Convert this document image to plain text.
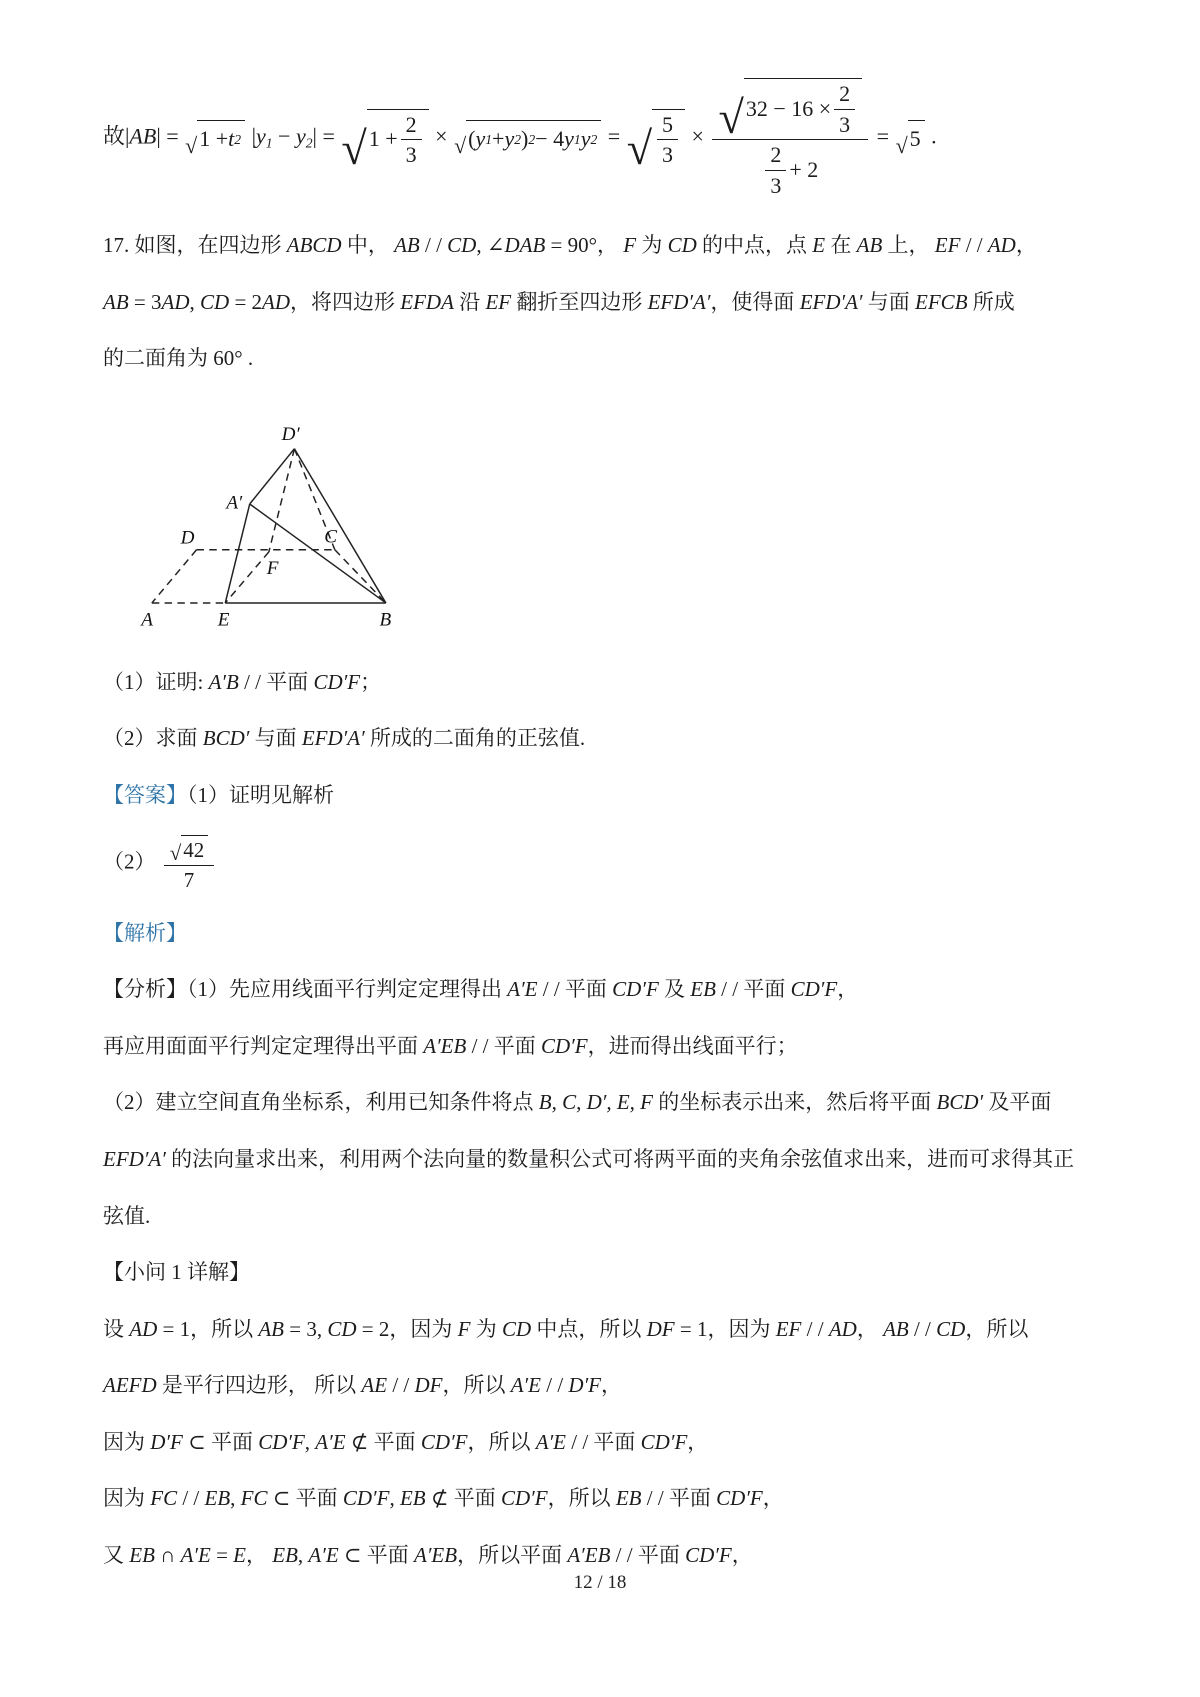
故|AB| = √ 1 + t 2 $|y_1 - y_2|$ = √ $1 + \frac{2}{3}$ × √ ( y 1 + y 2 ) 2 − 4 y 1 y 2 = √ $\frac{5}{3} \times \frac{√ 32 - 16 \times \frac{2}{3}}{\frac{2}{3} + 2}$ = √ 5 .
17. 如图，在四边形 ABCD 中， AB / / CD, ∠DAB = 90°， F 为 CD 的中点，点 E 在 AB 上， EF / / AD，
AB = 3AD, CD = 2AD，将四边形 EFDA 沿 EF 翻折至四边形 EFD′A′，使得面 EFD′A′ 与面 EFCB 所成
的二面角为 60° .
D′
A′
D	C
F
A	E	B
（1）证明: A′B / / 平面 CD′F；
（2）求面 BCD′ 与面 EFD′A′ 所成的二面角的正弦值.
【答案】（1）证明见解析
$(2) \frac{√ 42}{7}$
【解析】
【分析】（1）先应用线面平行判定定理得出 A′E / / 平面 CD′F 及 EB / / 平面 CD′F，
再应用面面平行判定定理得出平面 A′EB / / 平面 CD′F，进而得出线面平行；
（2）建立空间直角坐标系，利用已知条件将点 B, C, D′, E, F 的坐标表示出来，然后将平面 BCD′ 及平面
EFD′A′ 的法向量求出来，利用两个法向量的数量积公式可将两平面的夹角余弦值求出来，进而可求得其正
弦值.
【小问 1 详解】
设 AD = 1，所以 AB = 3, CD = 2，因为 F 为 CD 中点，所以 DF = 1，因为 EF / / AD， AB / / CD，所以
AEFD 是平行四边形， 所以 AE / / DF，所以 A′E / / D′F，
因为 D′F ⊂ 平面 CD′F, A′E ⊄ 平面 CD′F，所以 A′E / / 平面 CD′F，
因为 FC / / EB, FC ⊂ 平面 CD′F, EB ⊄ 平面 CD′F，所以 EB / / 平面 CD′F，
又 EB ∩ A′E = E， EB, A′E ⊂ 平面 A′EB，所以平面 A′EB / / 平面 CD′F，
12 / 18
